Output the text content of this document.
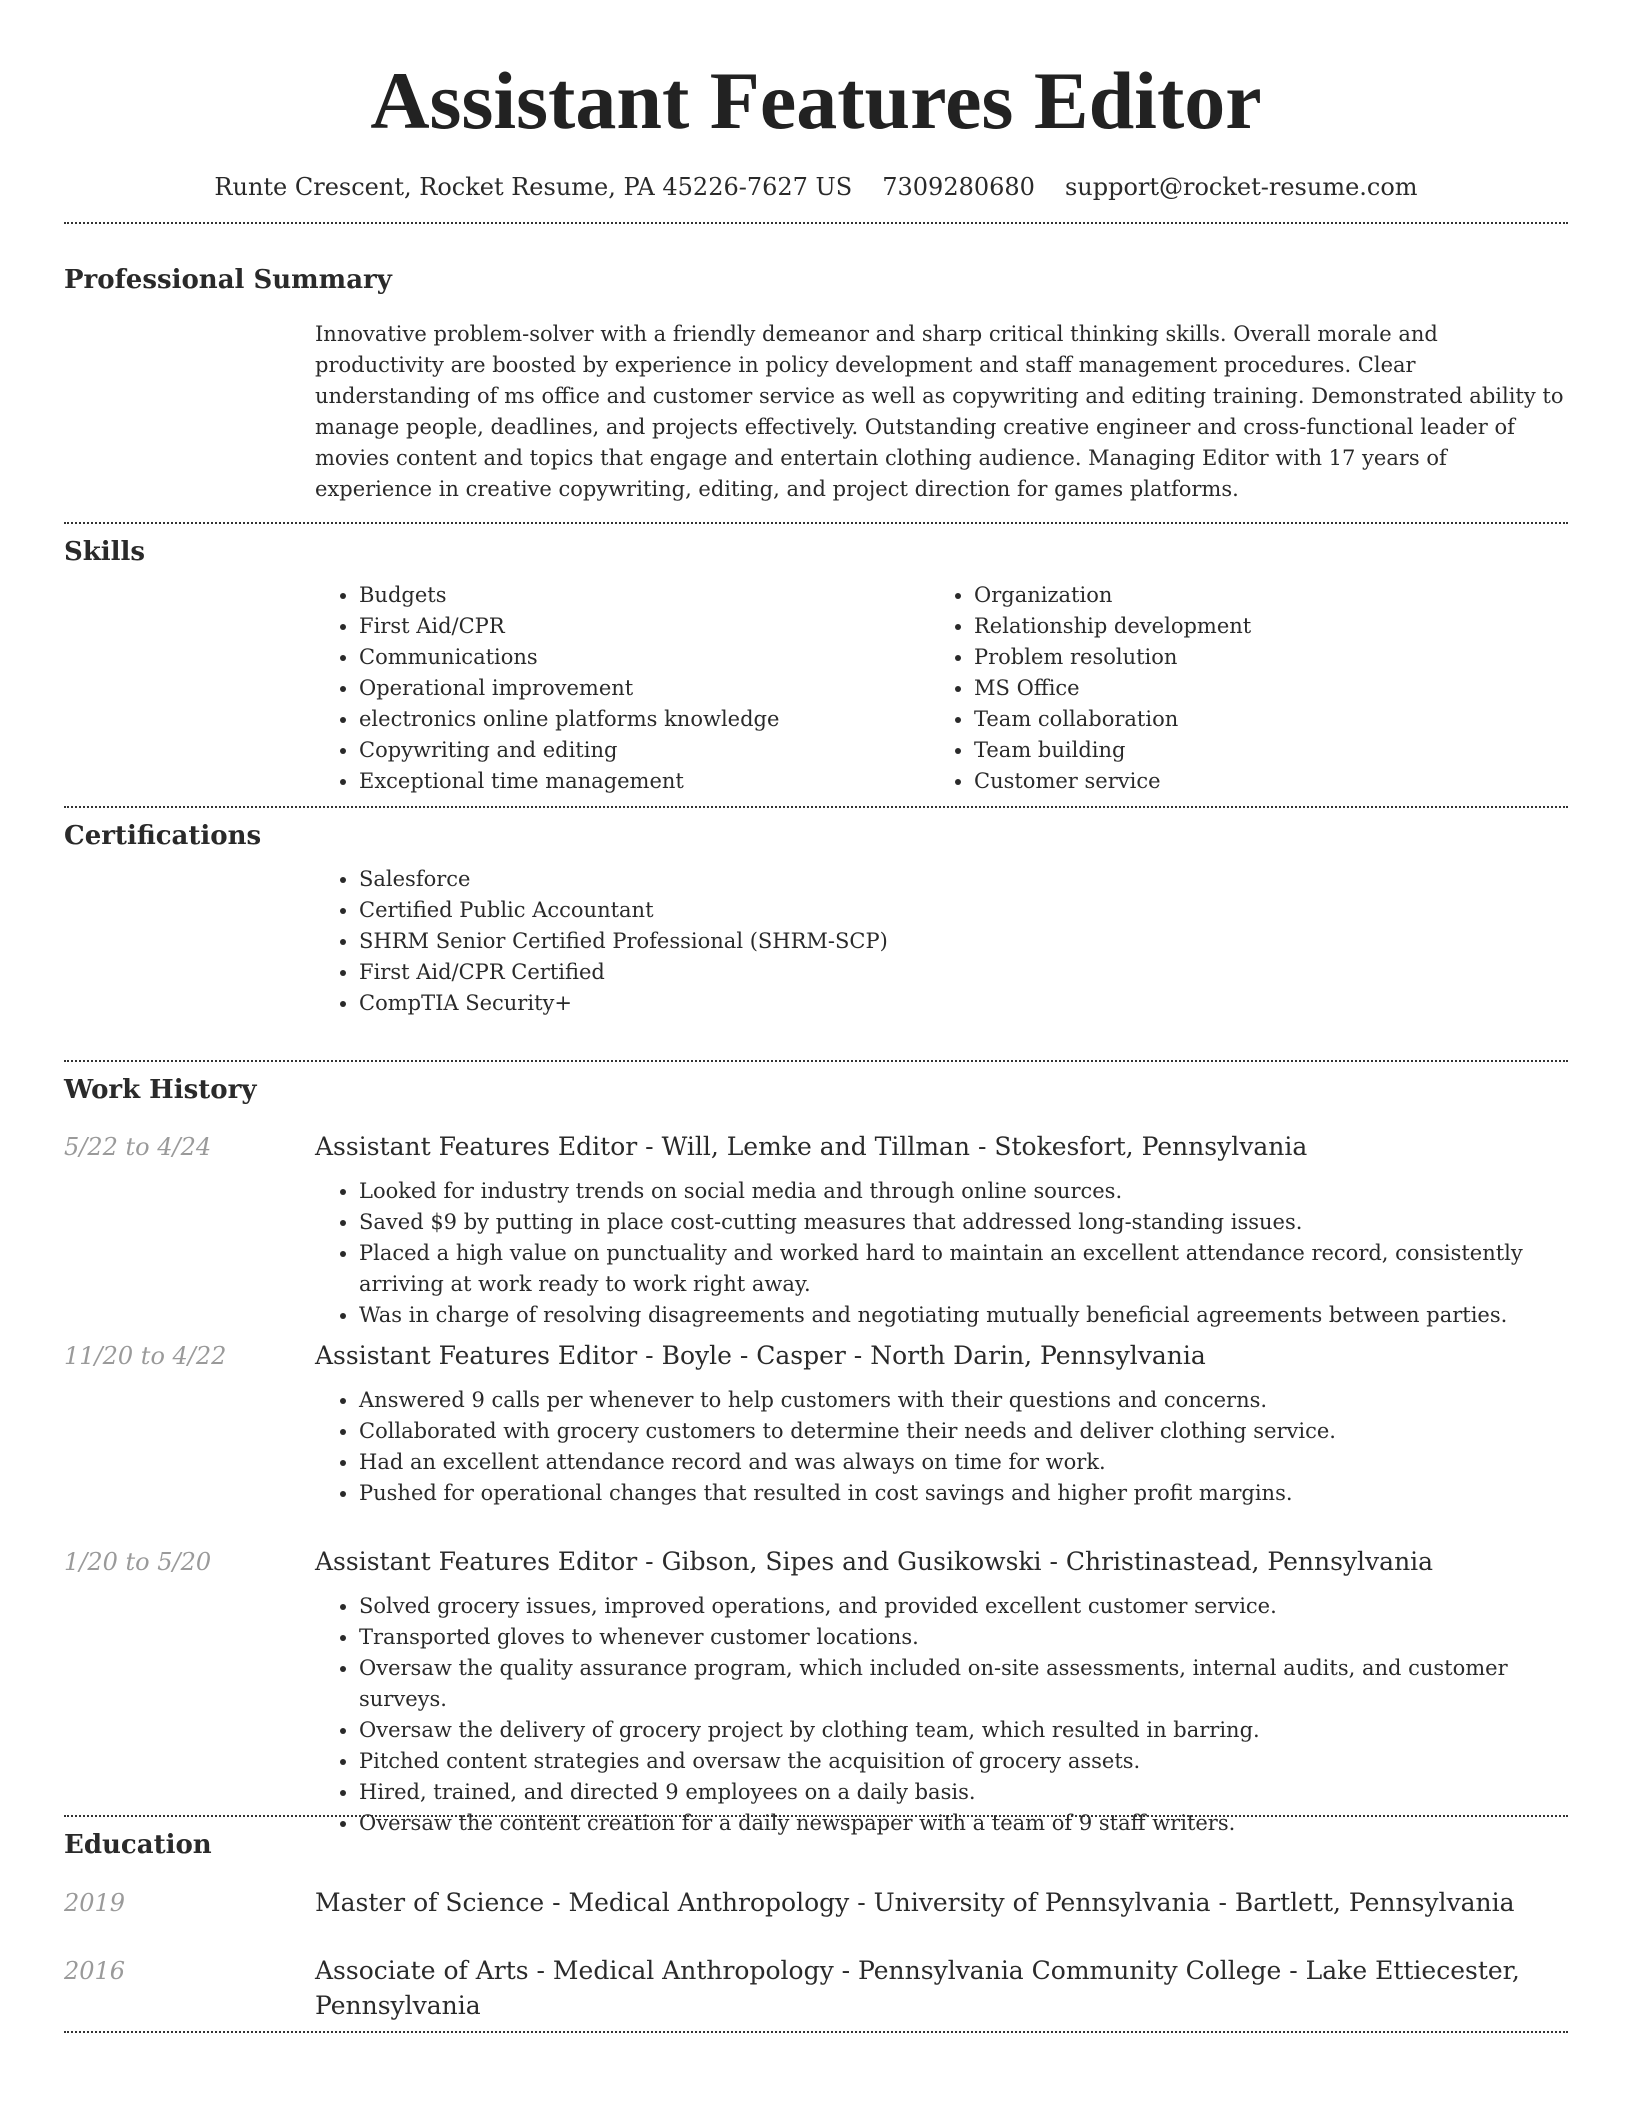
Assistant Features Editor
Runte Crescent, Rocket Resume, PA 45226-7627 US 7309280680 support@rocket-resume.com
Professional Summary

Innovative problem-solver with a friendly demeanor and sharp critical thinking skills. Overall morale and productivity are boosted by experience in policy development and staff management procedures. Clear understanding of ms office and customer service as well as copywriting and editing training. Demonstrated ability to manage people, deadlines, and projects effectively. Outstanding creative engineer and cross-functional leader of movies content and topics that engage and entertain clothing audience. Managing Editor with 17 years of experience in creative copywriting, editing, and project direction for games platforms.

Skills
• Budgets
• First Aid/CPR
• Communications
• Operational improvement
• electronics online platforms knowledge
• Copywriting and editing
• Exceptional time management
• Organization
• Relationship development
• Problem resolution
• MS Office
• Team collaboration
• Team building
• Customer service
Certifications
• Salesforce
• Certified Public Accountant
• SHRM Senior Certified Professional (SHRM-SCP)
• First Aid/CPR Certified
• CompTIA Security+
Work History
5/22 to 4/24	Assistant Features Editor - Will, Lemke and Tillman - Stokesfort, Pennsylvania
• Looked for industry trends on social media and through online sources.
• Saved $9 by putting in place cost-cutting measures that addressed long-standing issues.
• Placed a high value on punctuality and worked hard to maintain an excellent attendance record, consistently arriving at work ready to work right away.
• Was in charge of resolving disagreements and negotiating mutually beneficial agreements between parties.
11/20 to 4/22	Assistant Features Editor - Boyle - Casper - North Darin, Pennsylvania
• Answered 9 calls per whenever to help customers with their questions and concerns.
• Collaborated with grocery customers to determine their needs and deliver clothing service.
• Had an excellent attendance record and was always on time for work.
• Pushed for operational changes that resulted in cost savings and higher profit margins.
1/20 to 5/20	Assistant Features Editor - Gibson, Sipes and Gusikowski - Christinastead, Pennsylvania
• Solved grocery issues, improved operations, and provided excellent customer service.
• Transported gloves to whenever customer locations.
• Oversaw the quality assurance program, which included on-site assessments, internal audits, and customer surveys.
• Oversaw the delivery of grocery project by clothing team, which resulted in barring.
• Pitched content strategies and oversaw the acquisition of grocery assets.
• Hired, trained, and directed 9 employees on a daily basis.
• Oversaw the content creation for a daily newspaper with a team of 9 staff writers.
Education
2019	Master of Science - Medical Anthropology - University of Pennsylvania - Bartlett, Pennsylvania
2016	Associate of Arts - Medical Anthropology - Pennsylvania Community College - Lake Ettiecester, Pennsylvania
